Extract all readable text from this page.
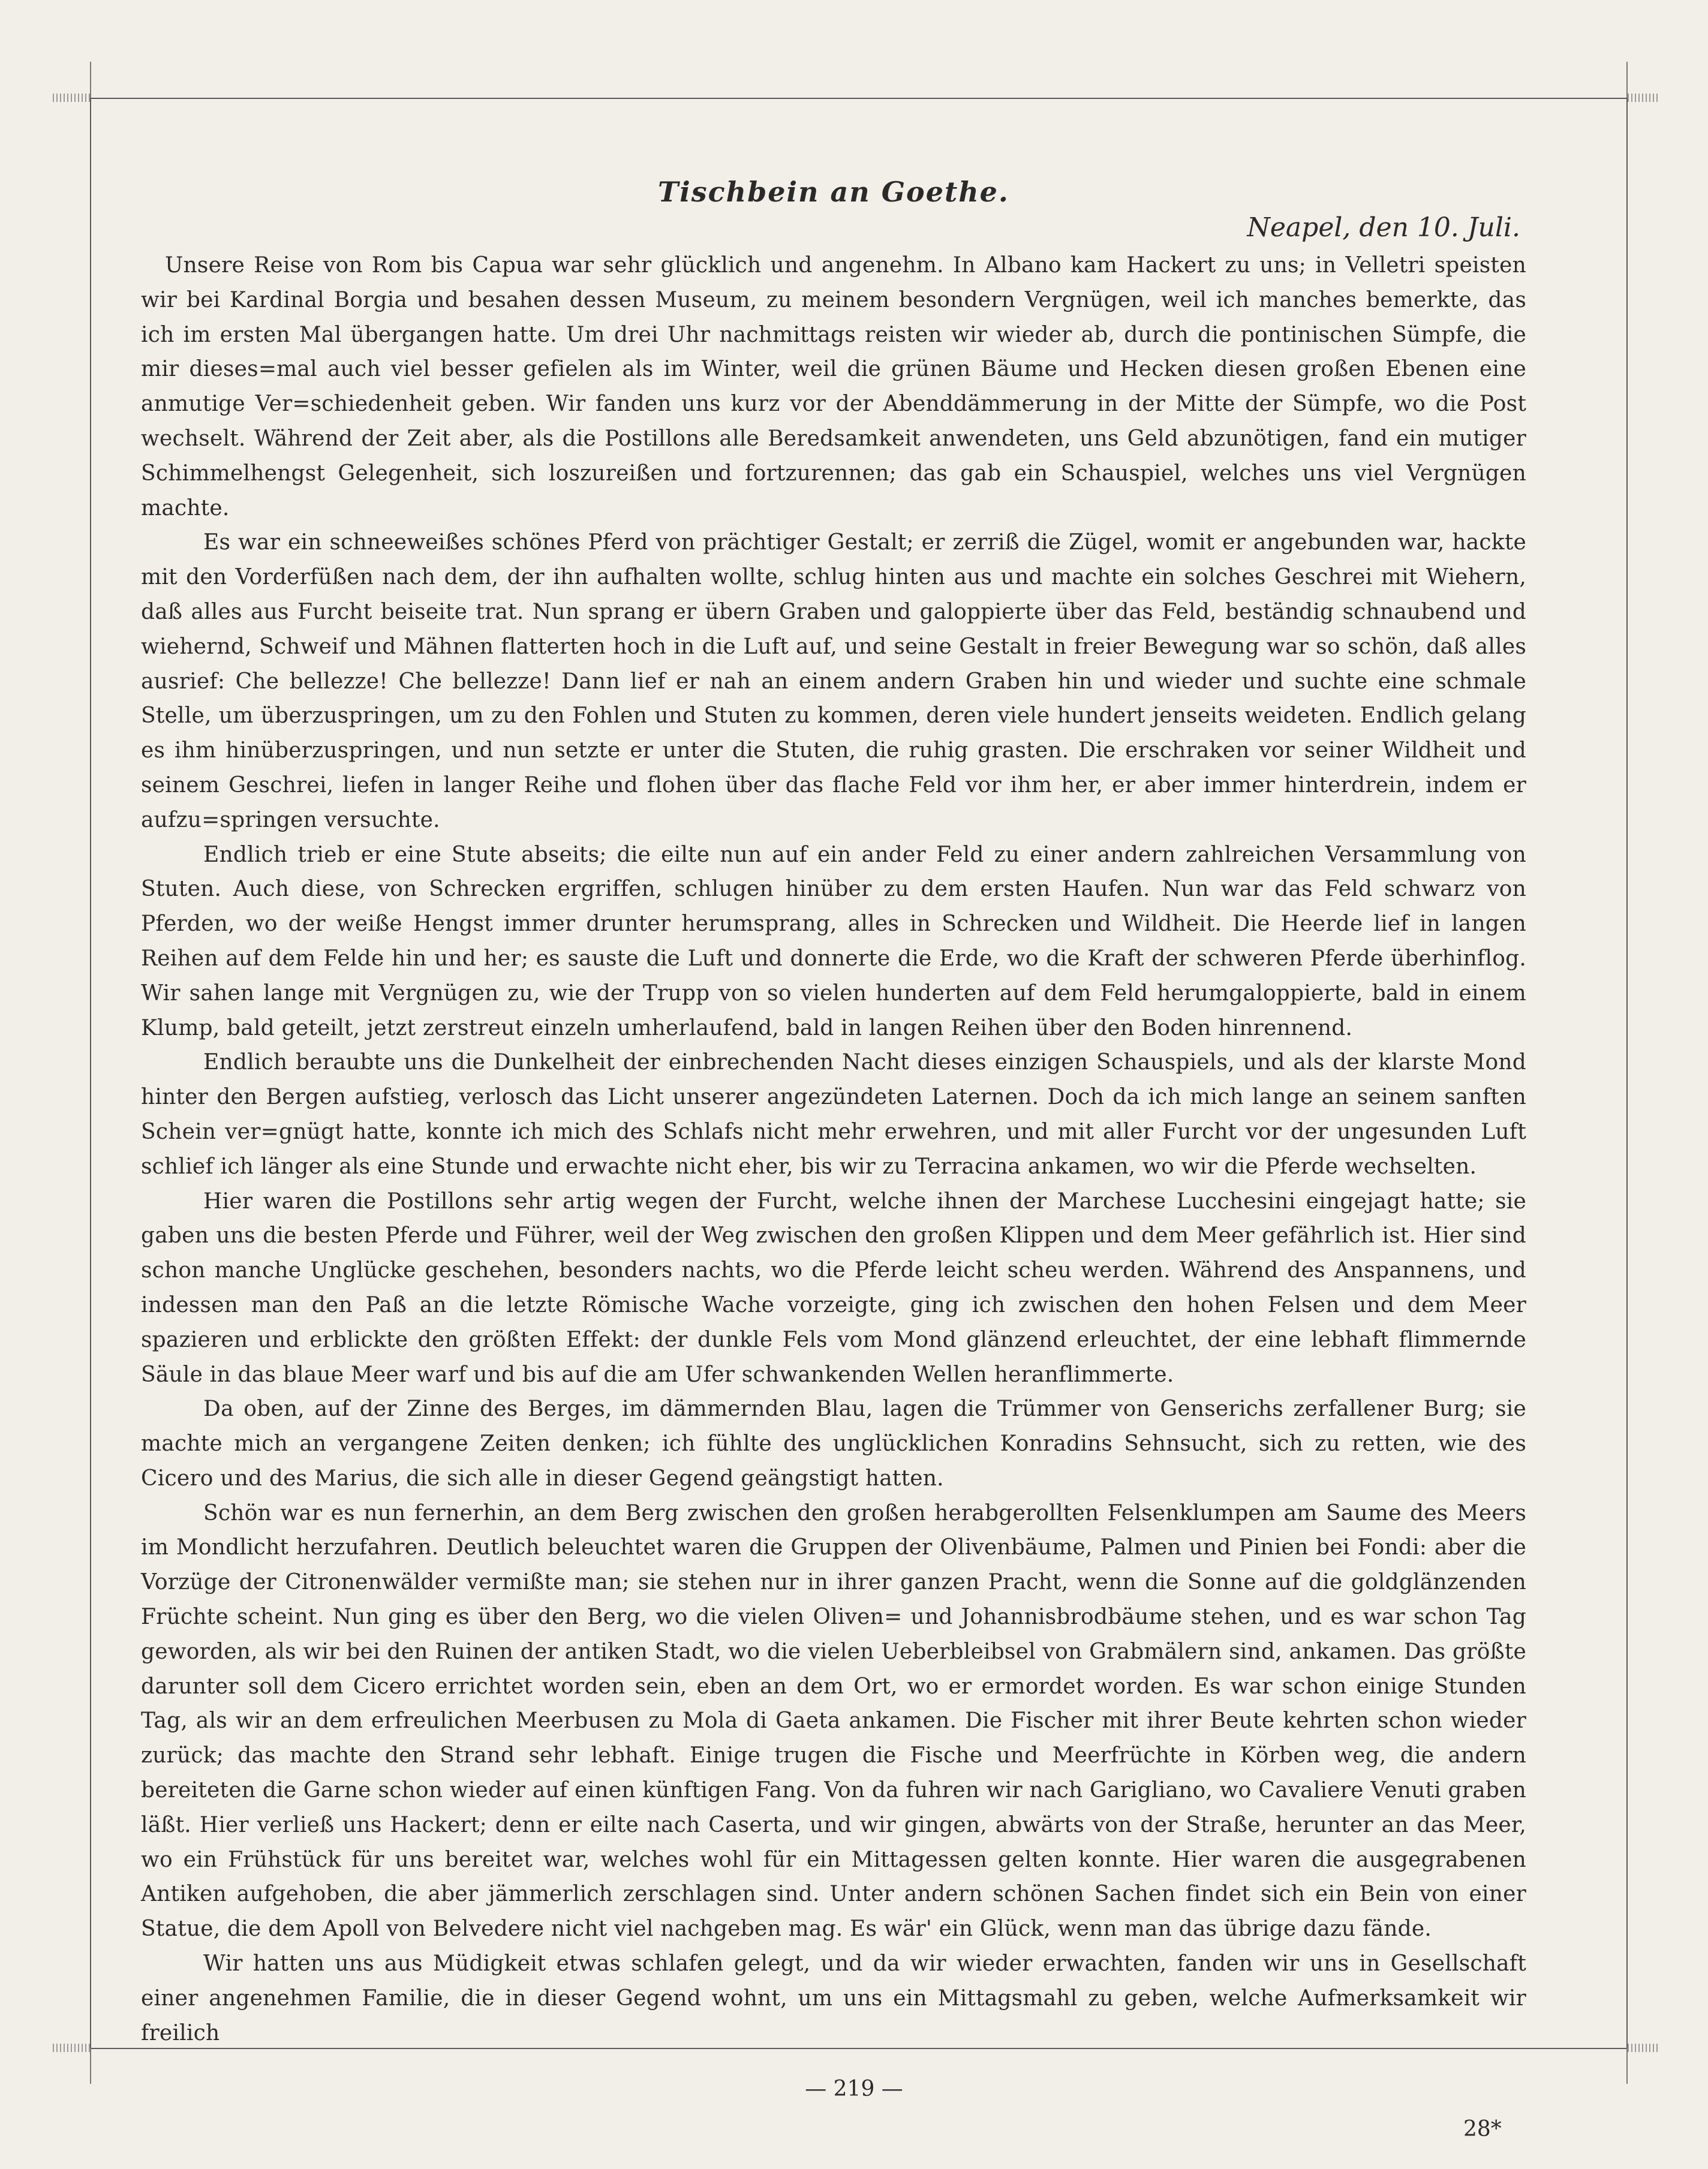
Tischbein an Goethe.
Neapel, den 10. Juli.

Unsere Reise von Rom bis Capua war sehr glücklich und angenehm. In Albano kam Hackert zu uns; in Velletri speisten wir bei Kardinal Borgia und besahen dessen Museum, zu meinem besondern Vergnügen, weil ich manches bemerkte, das ich im ersten Mal übergangen hatte. Um drei Uhr nachmittags reisten wir wieder ab, durch die pontinischen Sümpfe, die mir dieses=mal auch viel besser gefielen als im Winter, weil die grünen Bäume und Hecken diesen großen Ebenen eine anmutige Ver=schiedenheit geben. Wir fanden uns kurz vor der Abenddämmerung in der Mitte der Sümpfe, wo die Post wechselt. Während der Zeit aber, als die Postillons alle Beredsamkeit anwendeten, uns Geld abzunötigen, fand ein mutiger Schimmelhengst Gelegenheit, sich loszureißen und fortzurennen; das gab ein Schauspiel, welches uns viel Vergnügen machte.

Es war ein schneeweißes schönes Pferd von prächtiger Gestalt; er zerriß die Zügel, womit er angebunden war, hackte mit den Vorderfüßen nach dem, der ihn aufhalten wollte, schlug hinten aus und machte ein solches Geschrei mit Wiehern, daß alles aus Furcht beiseite trat. Nun sprang er übern Graben und galoppierte über das Feld, beständig schnaubend und wiehernd, Schweif und Mähnen flatterten hoch in die Luft auf, und seine Gestalt in freier Bewegung war so schön, daß alles ausrief: Che bellezze! Che bellezze! Dann lief er nah an einem andern Graben hin und wieder und suchte eine schmale Stelle, um überzuspringen, um zu den Fohlen und Stuten zu kommen, deren viele hundert jenseits weideten. Endlich gelang es ihm hinüberzuspringen, und nun setzte er unter die Stuten, die ruhig grasten. Die erschraken vor seiner Wildheit und seinem Geschrei, liefen in langer Reihe und flohen über das flache Feld vor ihm her, er aber immer hinterdrein, indem er aufzu=springen versuchte.

Endlich trieb er eine Stute abseits; die eilte nun auf ein ander Feld zu einer andern zahlreichen Versammlung von Stuten. Auch diese, von Schrecken ergriffen, schlugen hinüber zu dem ersten Haufen. Nun war das Feld schwarz von Pferden, wo der weiße Hengst immer drunter herumsprang, alles in Schrecken und Wildheit. Die Heerde lief in langen Reihen auf dem Felde hin und her; es sauste die Luft und donnerte die Erde, wo die Kraft der schweren Pferde überhinflog. Wir sahen lange mit Vergnügen zu, wie der Trupp von so vielen hunderten auf dem Feld herumgaloppierte, bald in einem Klump, bald geteilt, jetzt zerstreut einzeln umherlaufend, bald in langen Reihen über den Boden hinrennend.

Endlich beraubte uns die Dunkelheit der einbrechenden Nacht dieses einzigen Schauspiels, und als der klarste Mond hinter den Bergen aufstieg, verlosch das Licht unserer angezündeten Laternen. Doch da ich mich lange an seinem sanften Schein ver=gnügt hatte, konnte ich mich des Schlafs nicht mehr erwehren, und mit aller Furcht vor der ungesunden Luft schlief ich länger als eine Stunde und erwachte nicht eher, bis wir zu Terracina ankamen, wo wir die Pferde wechselten.

Hier waren die Postillons sehr artig wegen der Furcht, welche ihnen der Marchese Lucchesini eingejagt hatte; sie gaben uns die besten Pferde und Führer, weil der Weg zwischen den großen Klippen und dem Meer gefährlich ist. Hier sind schon manche Unglücke geschehen, besonders nachts, wo die Pferde leicht scheu werden. Während des Anspannens, und indessen man den Paß an die letzte Römische Wache vorzeigte, ging ich zwischen den hohen Felsen und dem Meer spazieren und erblickte den größten Effekt: der dunkle Fels vom Mond glänzend erleuchtet, der eine lebhaft flimmernde Säule in das blaue Meer warf und bis auf die am Ufer schwankenden Wellen heranflimmerte.

Da oben, auf der Zinne des Berges, im dämmernden Blau, lagen die Trümmer von Genserichs zerfallener Burg; sie machte mich an vergangene Zeiten denken; ich fühlte des unglücklichen Konradins Sehnsucht, sich zu retten, wie des Cicero und des Marius, die sich alle in dieser Gegend geängstigt hatten.

Schön war es nun fernerhin, an dem Berg zwischen den großen herabgerollten Felsenklumpen am Saume des Meers im Mondlicht herzufahren. Deutlich beleuchtet waren die Gruppen der Olivenbäume, Palmen und Pinien bei Fondi: aber die Vorzüge der Citronenwälder vermißte man; sie stehen nur in ihrer ganzen Pracht, wenn die Sonne auf die goldglänzenden Früchte scheint. Nun ging es über den Berg, wo die vielen Oliven= und Johannisbrodbäume stehen, und es war schon Tag geworden, als wir bei den Ruinen der antiken Stadt, wo die vielen Ueberbleibsel von Grabmälern sind, ankamen. Das größte darunter soll dem Cicero errichtet worden sein, eben an dem Ort, wo er ermordet worden. Es war schon einige Stunden Tag, als wir an dem erfreulichen Meerbusen zu Mola di Gaeta ankamen. Die Fischer mit ihrer Beute kehrten schon wieder zurück; das machte den Strand sehr lebhaft. Einige trugen die Fische und Meerfrüchte in Körben weg, die andern bereiteten die Garne schon wieder auf einen künftigen Fang. Von da fuhren wir nach Garigliano, wo Cavaliere Venuti graben läßt. Hier verließ uns Hackert; denn er eilte nach Caserta, und wir gingen, abwärts von der Straße, herunter an das Meer, wo ein Frühstück für uns bereitet war, welches wohl für ein Mittagessen gelten konnte. Hier waren die ausgegrabenen Antiken aufgehoben, die aber jämmerlich zerschlagen sind. Unter andern schönen Sachen findet sich ein Bein von einer Statue, die dem Apoll von Belvedere nicht viel nachgeben mag. Es wär' ein Glück, wenn man das übrige dazu fände.

Wir hatten uns aus Müdigkeit etwas schlafen gelegt, und da wir wieder erwachten, fanden wir uns in Gesellschaft einer angenehmen Familie, die in dieser Gegend wohnt, um uns ein Mittagsmahl zu geben, welche Aufmerksamkeit wir freilich

— 219 —
28*
